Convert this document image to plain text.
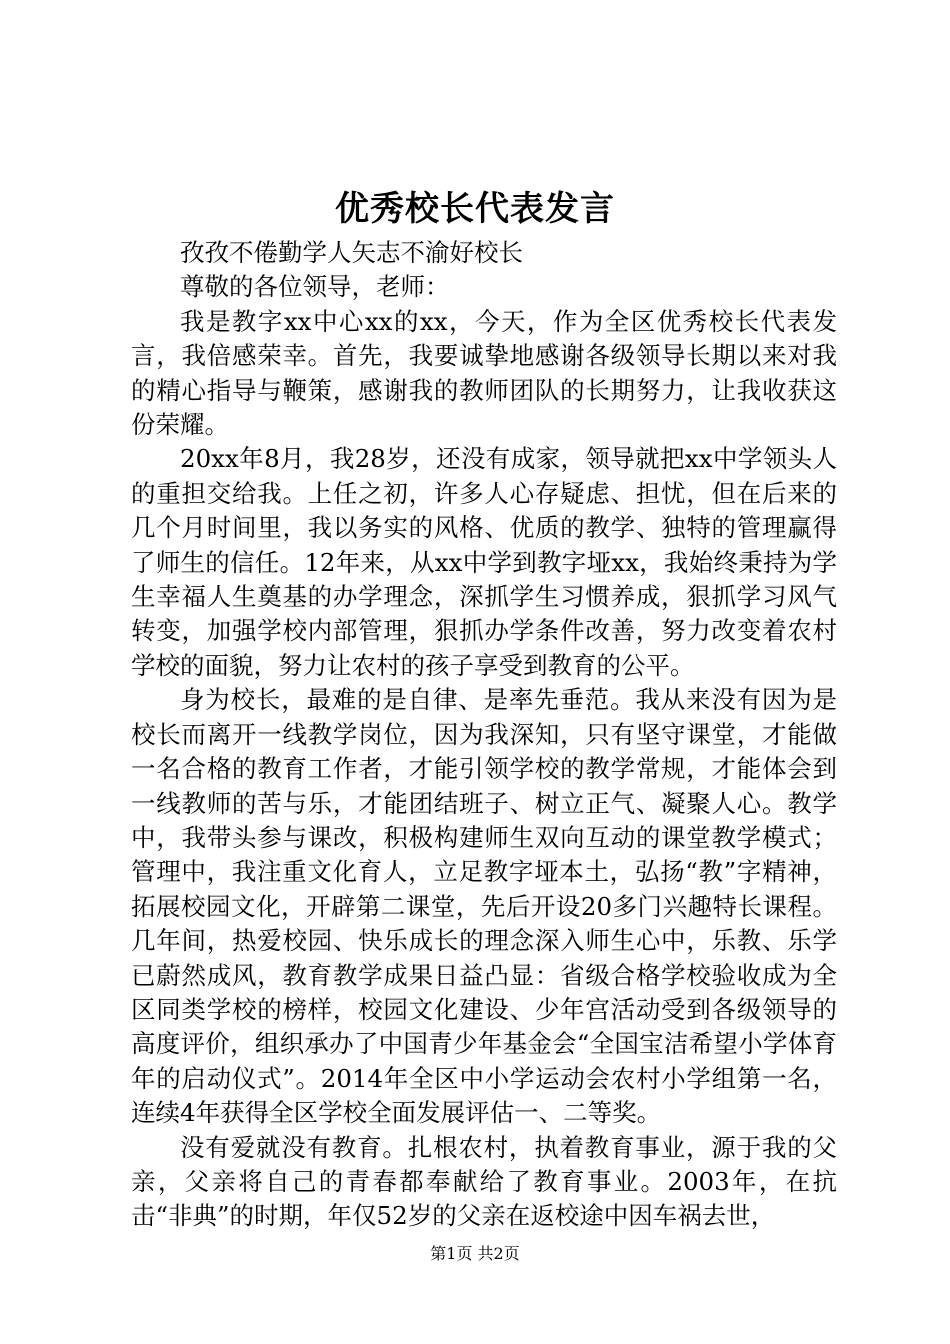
优秀校长代表发言

孜孜不倦勤学人矢志不渝好校长

尊敬的各位领导，老师：

我是教字xx中心xx的xx，今天，作为全区优秀校长代表发言，我倍感荣幸。首先，我要诚挚地感谢各级领导长期以来对我的精心指导与鞭策，感谢我的教师团队的长期努力，让我收获这份荣耀。

20xx年8月，我28岁，还没有成家，领导就把xx中学领头人的重担交给我。上任之初，许多人心存疑虑、担忧，但在后来的几个月时间里，我以务实的风格、优质的教学、独特的管理赢得了师生的信任。12年来，从xx中学到教字垭xx，我始终秉持为学生幸福人生奠基的办学理念，深抓学生习惯养成，狠抓学习风气转变，加强学校内部管理，狠抓办学条件改善，努力改变着农村学校的面貌，努力让农村的孩子享受到教育的公平。

身为校长，最难的是自律、是率先垂范。我从来没有因为是校长而离开一线教学岗位，因为我深知，只有坚守课堂，才能做一名合格的教育工作者，才能引领学校的教学常规，才能体会到一线教师的苦与乐，才能团结班子、树立正气、凝聚人心。教学中，我带头参与课改，积极构建师生双向互动的课堂教学模式；管理中，我注重文化育人，立足教字垭本土，弘扬“教”字精神，拓展校园文化，开辟第二课堂，先后开设20多门兴趣特长课程。几年间，热爱校园、快乐成长的理念深入师生心中，乐教、乐学已蔚然成风，教育教学成果日益凸显：省级合格学校验收成为全区同类学校的榜样，校园文化建设、少年宫活动受到各级领导的高度评价，组织承办了中国青少年基金会“全国宝洁希望小学体育年的启动仪式”。2014年全区中小学运动会农村小学组第一名，连续4年获得全区学校全面发展评估一、二等奖。

没有爱就没有教育。扎根农村，执着教育事业，源于我的父亲，父亲将自己的青春都奉献给了教育事业。2003年，在抗击“非典”的时期，年仅52岁的父亲在返校途中因车祸去世，

第1页 共2页
